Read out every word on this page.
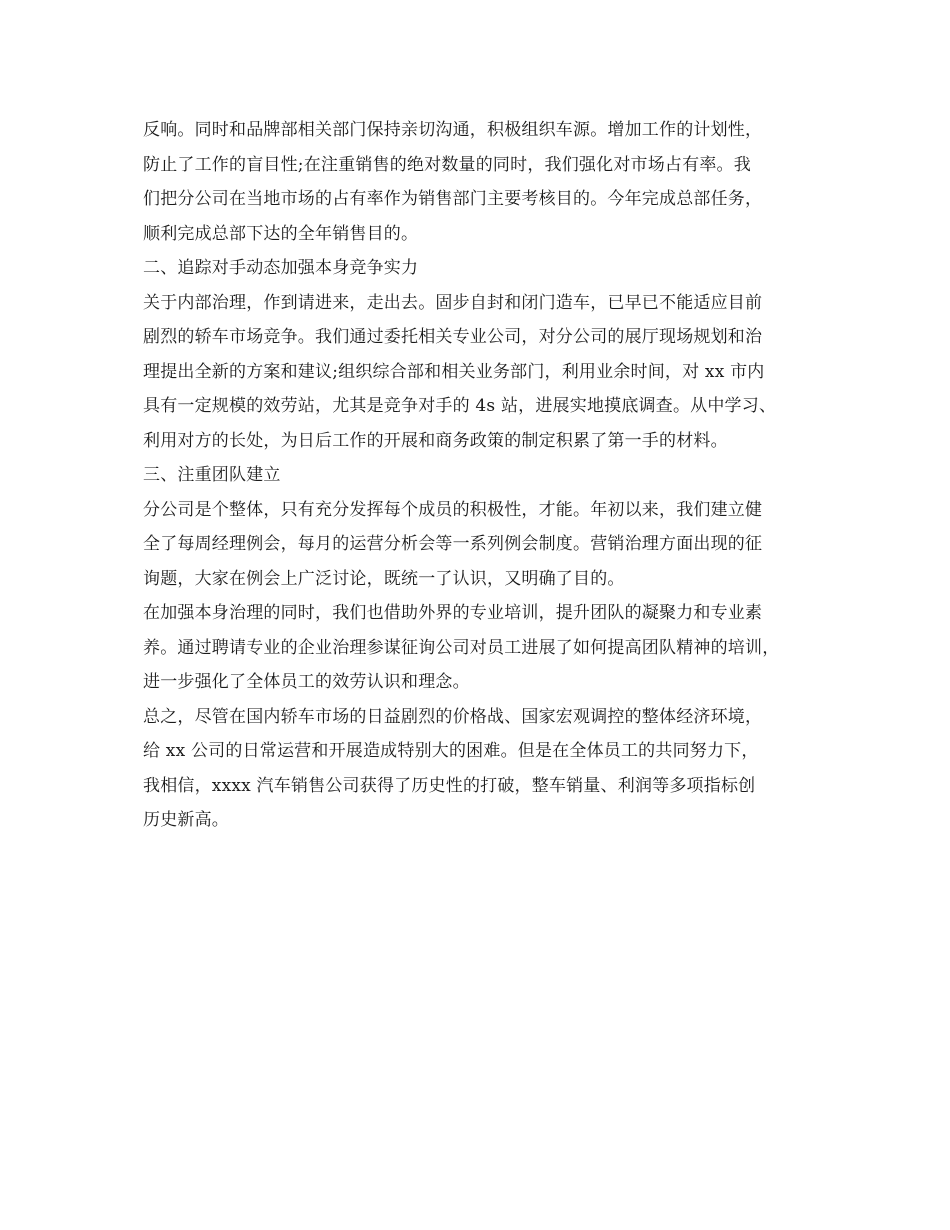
反响。同时和品牌部相关部门保持亲切沟通，积极组织车源。增加工作的计划性，
防止了工作的盲目性;在注重销售的绝对数量的同时，我们强化对市场占有率。我
们把分公司在当地市场的占有率作为销售部门主要考核目的。今年完成总部任务，
顺利完成总部下达的全年销售目的。
二、追踪对手动态加强本身竞争实力
关于内部治理，作到请进来，走出去。固步自封和闭门造车，已早已不能适应目前
剧烈的轿车市场竞争。我们通过委托相关专业公司，对分公司的展厅现场规划和治
理提出全新的方案和建议;组织综合部和相关业务部门，利用业余时间，对 xx 市内
具有一定规模的效劳站，尤其是竞争对手的 4s 站，进展实地摸底调查。从中学习、
利用对方的长处，为日后工作的开展和商务政策的制定积累了第一手的材料。
三、注重团队建立
分公司是个整体，只有充分发挥每个成员的积极性，才能。年初以来，我们建立健
全了每周经理例会，每月的运营分析会等一系列例会制度。营销治理方面出现的征
询题，大家在例会上广泛讨论，既统一了认识，又明确了目的。
在加强本身治理的同时，我们也借助外界的专业培训，提升团队的凝聚力和专业素
养。通过聘请专业的企业治理参谋征询公司对员工进展了如何提高团队精神的培训，
进一步强化了全体员工的效劳认识和理念。
总之，尽管在国内轿车市场的日益剧烈的价格战、国家宏观调控的整体经济环境，
给 xx 公司的日常运营和开展造成特别大的困难。但是在全体员工的共同努力下，
我相信，xxxx 汽车销售公司获得了历史性的打破，整车销量、利润等多项指标创
历史新高。
